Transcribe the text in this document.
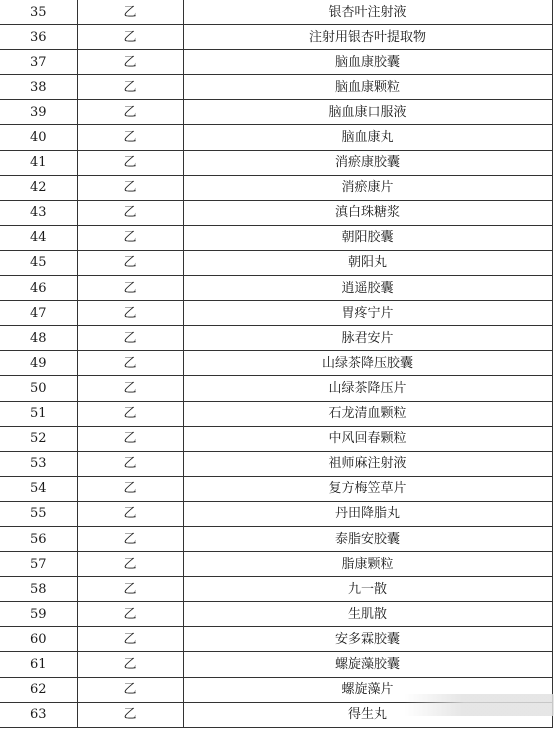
35	乙	银杏叶注射液
36	乙	注射用银杏叶提取物
37	乙	脑血康胶囊
38	乙	脑血康颗粒
39	乙	脑血康口服液
40	乙	脑血康丸
41	乙	消瘀康胶囊
42	乙	消瘀康片
43	乙	滇白珠糖浆
44	乙	朝阳胶囊
45	乙	朝阳丸
46	乙	逍遥胶囊
47	乙	胃疼宁片
48	乙	脉君安片
49	乙	山绿茶降压胶囊
50	乙	山绿茶降压片
51	乙	石龙清血颗粒
52	乙	中风回春颗粒
53	乙	祖师麻注射液
54	乙	复方梅笠草片
55	乙	丹田降脂丸
56	乙	泰脂安胶囊
57	乙	脂康颗粒
58	乙	九一散
59	乙	生肌散
60	乙	安多霖胶囊
61	乙	螺旋藻胶囊
62	乙	螺旋藻片
63	乙	得生丸
